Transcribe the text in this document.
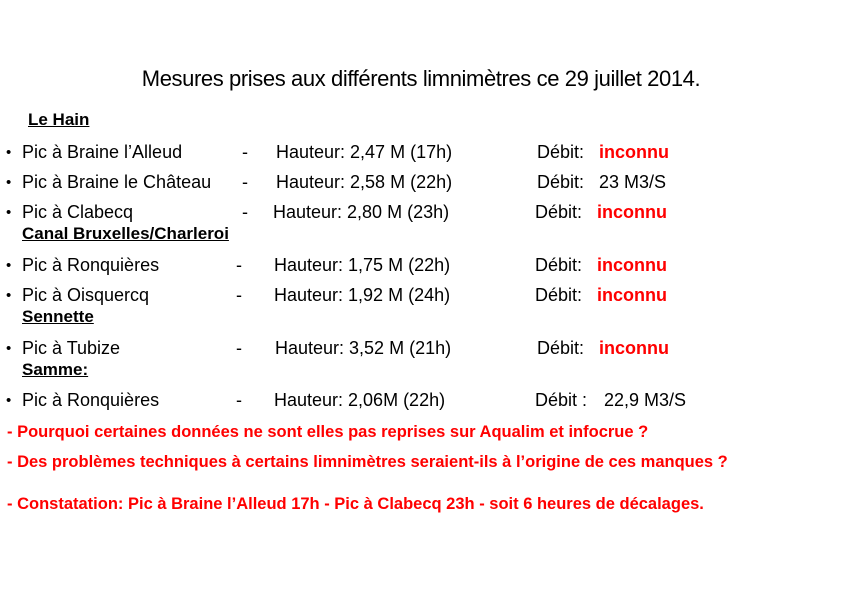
Mesures prises aux différents limnimètres ce 29 juillet 2014.
Le Hain
• Pic à Braine l’Alleud	- Hauteur: 2,47 M (17h)	Débit: inconnu
• Pic à Braine le Château - Hauteur: 2,58 M (22h)	Débit: 23 M3/S
• Pic à Clabecq	- Hauteur: 2,80 M (23h)	Débit: inconnu
Canal Bruxelles/Charleroi
• Pic à Ronquières	- Hauteur: 1,75 M (22h)	Débit: inconnu
• Pic à Oisquercq	- Hauteur: 1,92 M (24h)	Débit: inconnu
Sennette
• Pic à Tubize	- Hauteur: 3,52 M (21h)	Débit: inconnu
Samme:
• Pic à Ronquières	- Hauteur: 2,06M (22h)	Débit : 22,9 M3/S
- Pourquoi certaines données ne sont elles pas reprises sur Aqualim et infocrue ?
- Des problèmes techniques à certains limnimètres seraient-ils à l’origine de ces manques ?
- Constatation: Pic à Braine l’Alleud 17h - Pic à Clabecq 23h - soit 6 heures de décalages.
